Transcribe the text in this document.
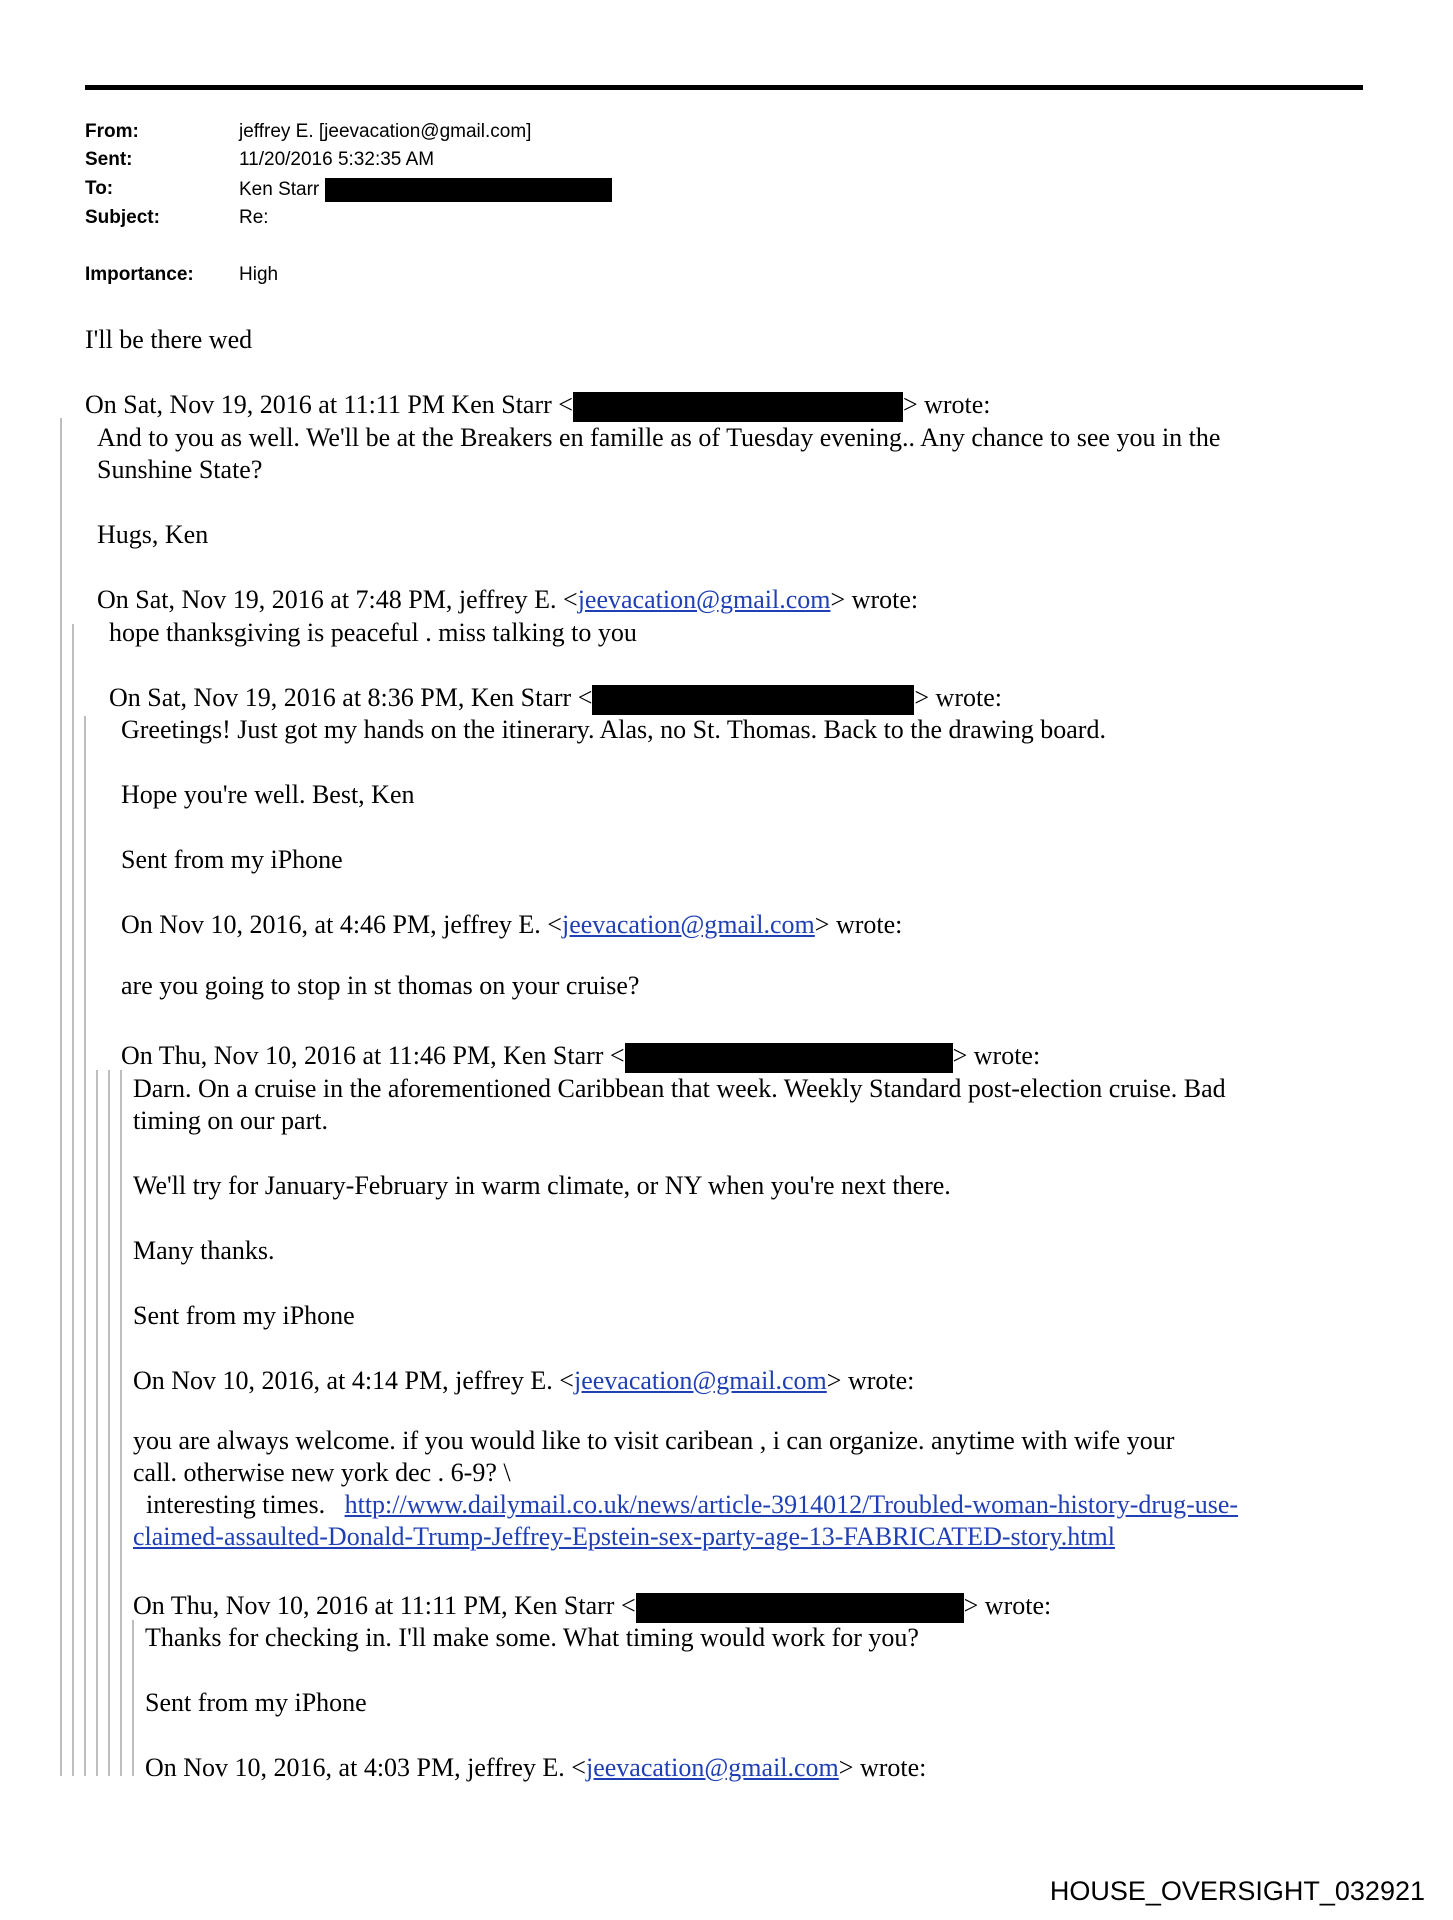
From:	jeffrey E. [jeevacation@gmail.com]
Sent:	11/20/2016 5:32:35 AM
To:	Ken Starr
Subject:	Re:
Importance: High
I'll be there wed
On Sat, Nov 19, 2016 at 11:11 PM Ken Starr <	> wrote:
And to you as well. We'll be at the Breakers en famille as of Tuesday evening.. Any chance to see you in the
Sunshine State?
Hugs, Ken
On Sat, Nov 19, 2016 at 7:48 PM, jeffrey E. <jeevacation@gmail.com> wrote:
hope thanksgiving is peaceful . miss talking to you
On Sat, Nov 19, 2016 at 8:36 PM, Ken Starr <	> wrote:
Greetings! Just got my hands on the itinerary. Alas, no St. Thomas. Back to the drawing board.
Hope you're well. Best, Ken
Sent from my iPhone
On Nov 10, 2016, at 4:46 PM, jeffrey E. <jeevacation@gmail.com> wrote:
are you going to stop in st thomas on your cruise?
On Thu, Nov 10, 2016 at 11:46 PM, Ken Starr <	> wrote:
Darn. On a cruise in the aforementioned Caribbean that week. Weekly Standard post-election cruise. Bad
timing on our part.
We'll try for January-February in warm climate, or NY when you're next there.
Many thanks.
Sent from my iPhone
On Nov 10, 2016, at 4:14 PM, jeffrey E. <jeevacation@gmail.com> wrote:
you are always welcome. if you would like to visit caribean , i can organize. anytime with wife your
call. otherwise new york dec . 6-9? \
interesting times.   http://www.dailymail.co.uk/news/article-3914012/Troubled-woman-history-drug-use-
claimed-assaulted-Donald-Trump-Jeffrey-Epstein-sex-party-age-13-FABRICATED-story.html
On Thu, Nov 10, 2016 at 11:11 PM, Ken Starr <	> wrote:
Thanks for checking in. I'll make some. What timing would work for you?
Sent from my iPhone
On Nov 10, 2016, at 4:03 PM, jeffrey E. <jeevacation@gmail.com> wrote:
HOUSE_OVERSIGHT_032921
